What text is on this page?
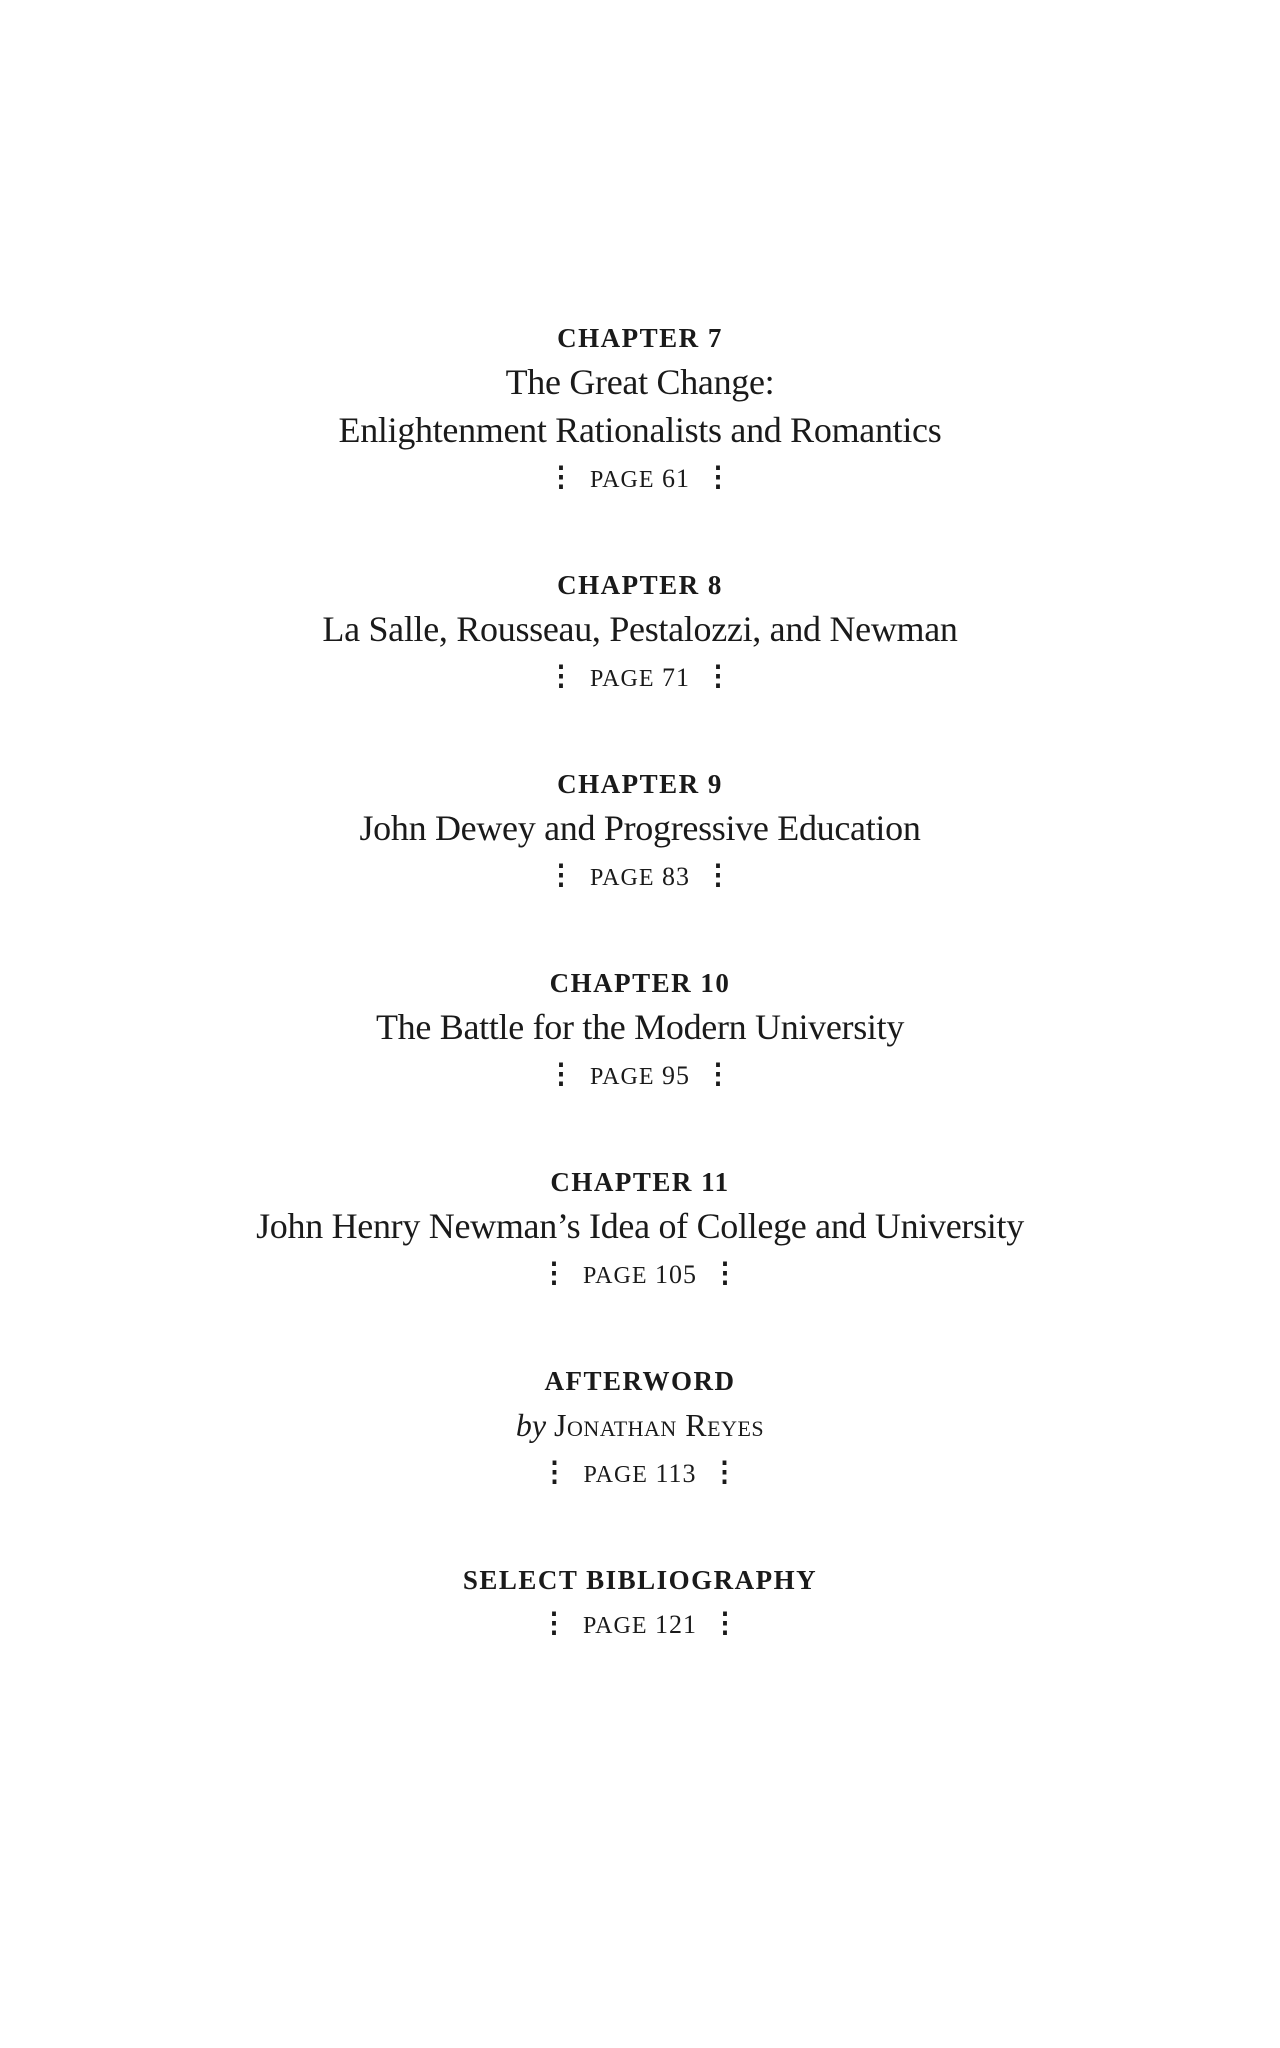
CHAPTER 7
The Great Change:
Enlightenment Rationalists and Romantics
⋮ PAGE 61 ⋮
CHAPTER 8
La Salle, Rousseau, Pestalozzi, and Newman
⋮ PAGE 71 ⋮
CHAPTER 9
John Dewey and Progressive Education
⋮ PAGE 83 ⋮
CHAPTER 10
The Battle for the Modern University
⋮ PAGE 95 ⋮
CHAPTER 11
John Henry Newman’s Idea of College and University
⋮ PAGE 105 ⋮
AFTERWORD
by Jonathan Reyes
⋮ PAGE 113 ⋮
SELECT BIBLIOGRAPHY
⋮ PAGE 121 ⋮
